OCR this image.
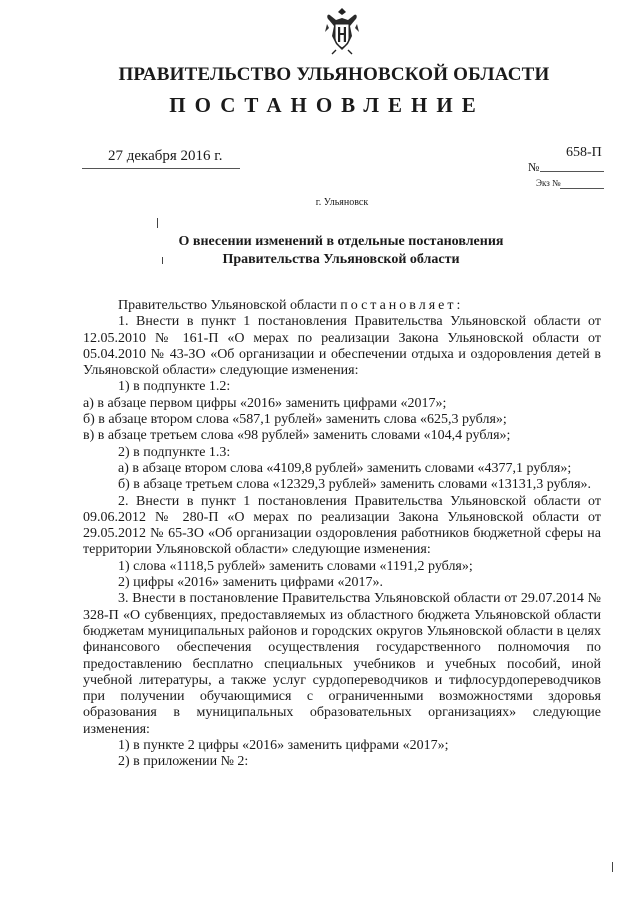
ПРАВИТЕЛЬСТВО УЛЬЯНОВСКОЙ ОБЛАСТИ
ПОСТАНОВЛЕНИЕ
27 декабря 2016 г.
№
658-П
Экз №
г. Ульяновск
О внесении изменений в отдельные постановления
Правительства Ульяновской области

Правительство Ульяновской области постановляет:

1. Внести в пункт 1 постановления Правительства Ульяновской области от 12.05.2010 № 161-П «О мерах по реализации Закона Ульяновской области от 05.04.2010 № 43-ЗО «Об организации и обеспечении отдыха и оздоровления детей в Ульяновской области» следующие изменения:

1) в подпункте 1.2:

а) в абзаце первом цифры «2016» заменить цифрами «2017»;

б) в абзаце втором слова «587,1 рублей» заменить слова «625,3 рубля»;

в) в абзаце третьем слова «98 рублей» заменить словами «104,4 рубля»;

2) в подпункте 1.3:

а) в абзаце втором слова «4109,8 рублей» заменить словами «4377,1 рубля»;

б) в абзаце третьем слова «12329,3 рублей» заменить словами «13131,3 рубля».

2. Внести в пункт 1 постановления Правительства Ульяновской области от 09.06.2012 № 280-П «О мерах по реализации Закона Ульяновской области от 29.05.2012 № 65-ЗО «Об организации оздоровления работников бюджетной сферы на территории Ульяновской области» следующие изменения:

1) слова «1118,5 рублей» заменить словами «1191,2 рубля»;

2) цифры «2016» заменить цифрами «2017».

3. Внести в постановление Правительства Ульяновской области от 29.07.2014 № 328-П «О субвенциях, предоставляемых из областного бюджета Ульяновской области бюджетам муниципальных районов и городских округов Ульяновской области в целях финансового обеспечения осуществления государственного полномочия по предоставлению бесплатно специальных учебников и учебных пособий, иной учебной литературы, а также услуг сурдопереводчиков и тифлосурдопереводчиков при получении обучающимися с ограниченными возможностями здоровья образования в муниципальных образовательных организациях» следующие изменения:

1) в пункте 2 цифры «2016» заменить цифрами «2017»;

2) в приложении № 2:
